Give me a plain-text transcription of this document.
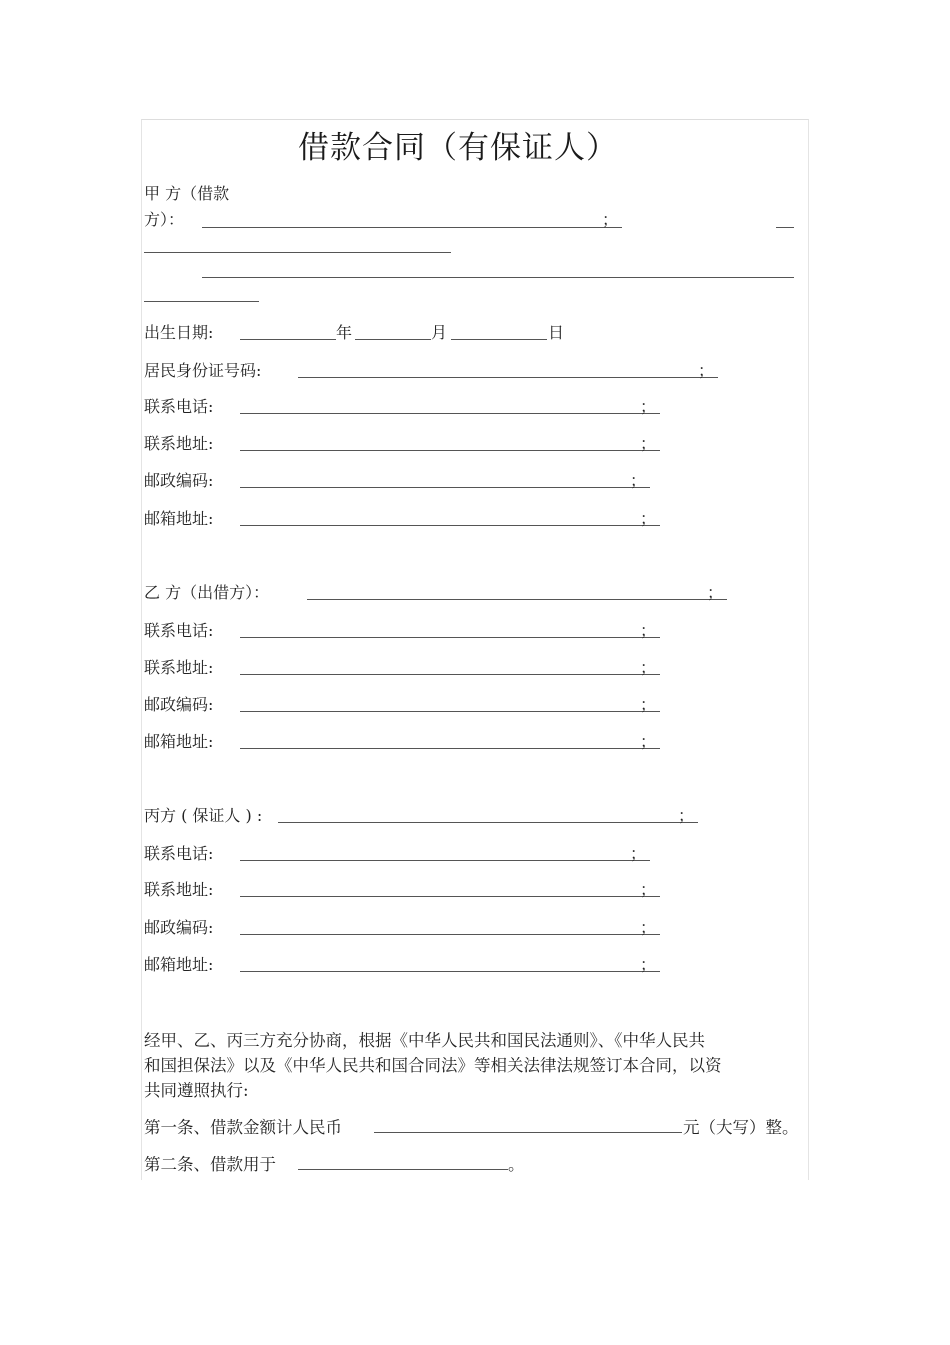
借款合同（有保证人）
甲 方（借款
方）：	；
出生日期:	年	月	日
居民身份证号码:	；
联系电话:	；
联系地址:	；
邮政编码:	；
邮箱地址:	；
乙 方（出借方）：	；
联系电话:	；
联系地址:	；
邮政编码:	；
邮箱地址:	；
丙方 ( 保证人 ) :	；
联系电话:	；
联系地址:	；
邮政编码:	；
邮箱地址:	；
经甲、乙、丙三方充分协商，根据《中华人民共和国民法通则》、《中华人民共
和国担保法》以及《中华人民共和国合同法》等相关法律法规签订本合同，以资
共同遵照执行:
第一条、借款金额计人民币	元（大写）整。
第二条、借款用于	。
